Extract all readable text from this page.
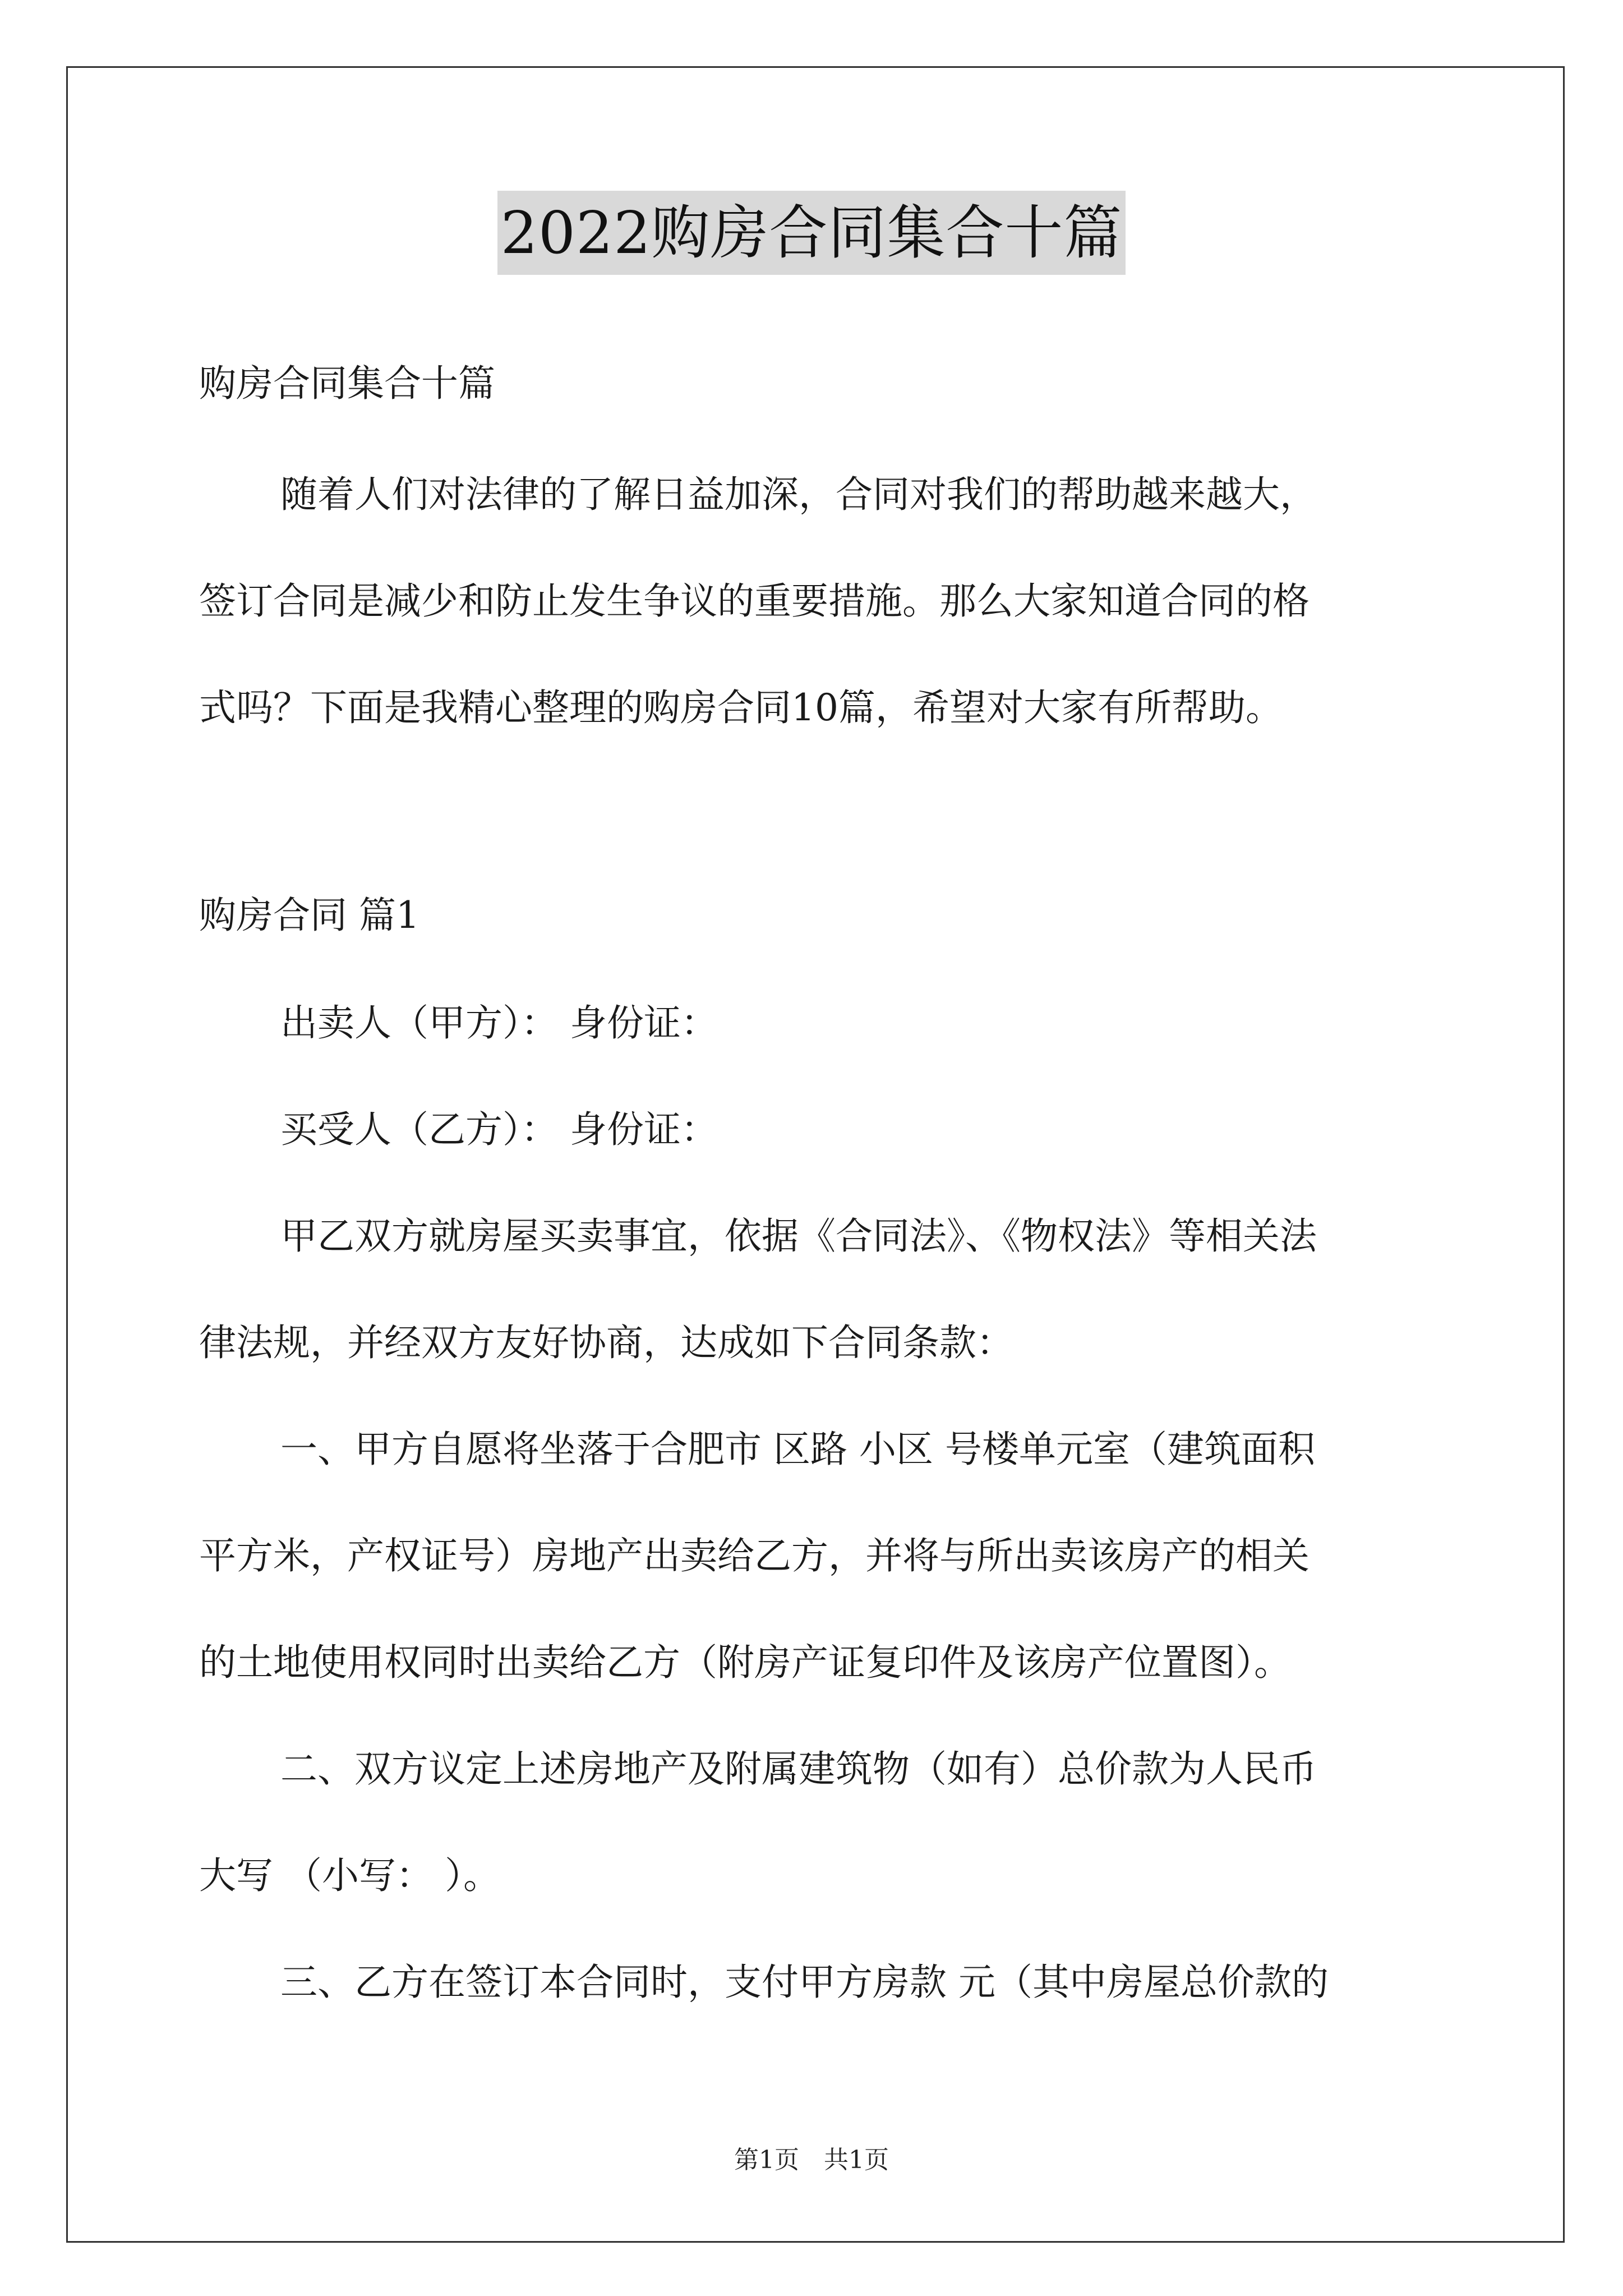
2022购房合同集合十篇
购房合同集合十篇
随着人们对法律的了解日益加深，合同对我们的帮助越来越大，
签订合同是减少和防止发生争议的重要措施。那么大家知道合同的格
式吗？下面是我精心整理的购房合同10篇，希望对大家有所帮助。
购房合同 篇1
出卖人（甲方）： 身份证：
买受人（乙方）： 身份证：
甲乙双方就房屋买卖事宜，依据《合同法》、《物权法》等相关法
律法规，并经双方友好协商，达成如下合同条款：
一、甲方自愿将坐落于合肥市 区路 小区 号楼单元室（建筑面积
平方米，产权证号）房地产出卖给乙方，并将与所出卖该房产的相关
的土地使用权同时出卖给乙方（附房产证复印件及该房产位置图）。
二、双方议定上述房地产及附属建筑物（如有）总价款为人民币
大写 （小写： ）。
三、乙方在签订本合同时，支付甲方房款 元（其中房屋总价款的
第1页　共1页
